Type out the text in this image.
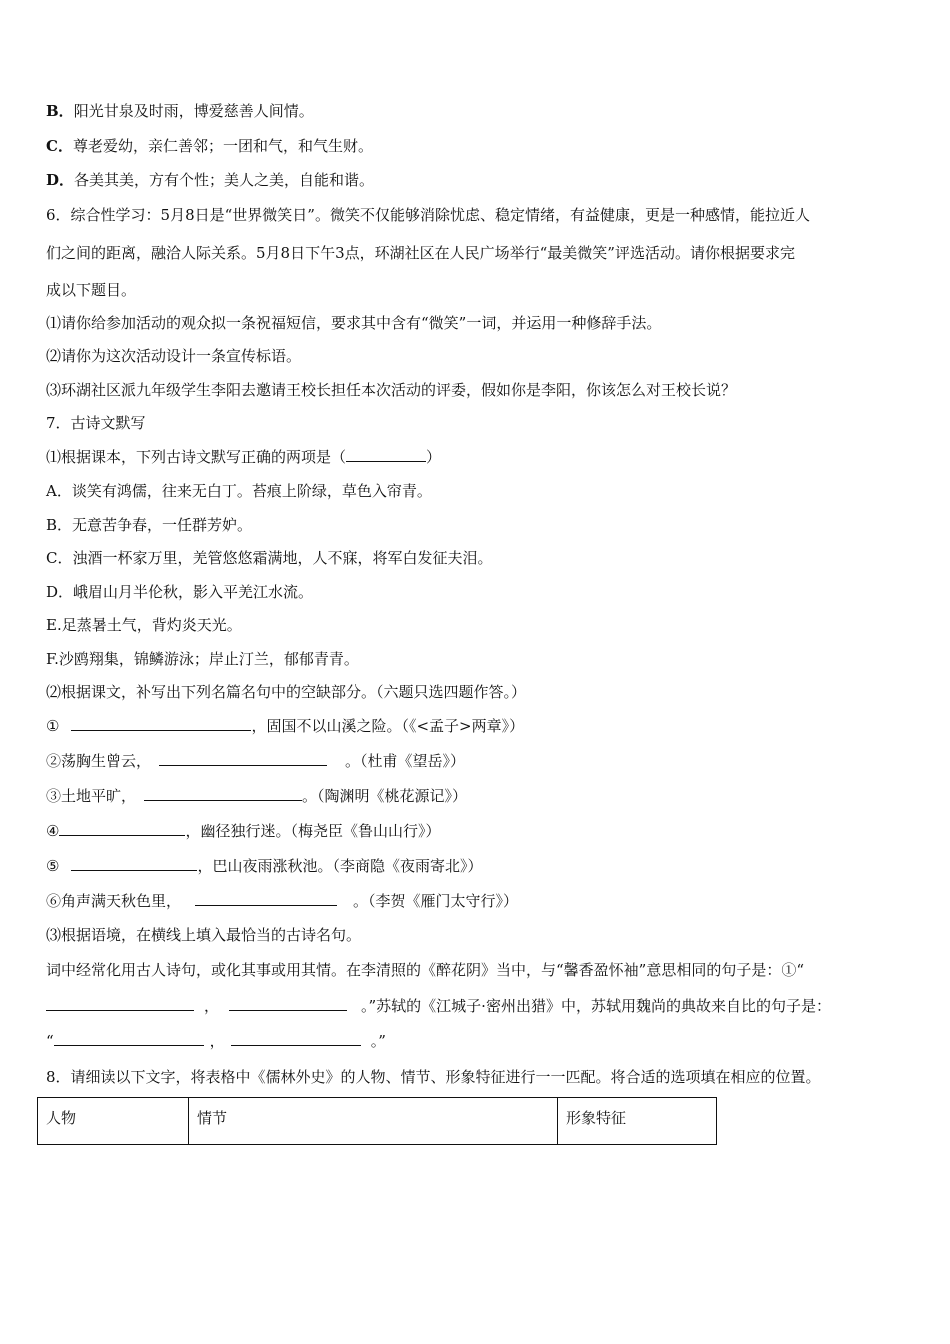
B．阳光甘泉及时雨，博爱慈善人间情。

C．尊老爱幼，亲仁善邻；一团和气，和气生财。

D．各美其美，方有个性；美人之美，自能和谐。

6．综合性学习：5月8日是“世界微笑日”。微笑不仅能够消除忧虑、稳定情绪，有益健康，更是一种感情，能拉近人

们之间的距离，融洽人际关系。5月8日下午3点，环湖社区在人民广场举行“最美微笑”评选活动。请你根据要求完

成以下题目。

⑴请你给参加活动的观众拟一条祝福短信，要求其中含有“微笑”一词，并运用一种修辞手法。

⑵请你为这次活动设计一条宣传标语。

⑶环湖社区派九年级学生李阳去邀请王校长担任本次活动的评委，假如你是李阳，你该怎么对王校长说？

7．古诗文默写

⑴根据课本，下列古诗文默写正确的两项是（	）

A．谈笑有鸿儒，往来无白丁。苔痕上阶绿，草色入帘青。

B．无意苦争春，一任群芳妒。

C．浊酒一杯家万里，羌管悠悠霜满地，人不寐，将军白发征夫泪。

D．峨眉山月半伦秋，影入平羌江水流。

E.足蒸暑土气，背灼炎天光。

F.沙鸥翔集，锦鳞游泳；岸止汀兰，郁郁青青。

⑵根据课文，补写出下列名篇名句中的空缺部分。（六题只选四题作答。）

①	，固国不以山溪之险。（《<孟子>两章》）

②荡胸生曾云，	。（杜甫《望岳》）

③土地平旷，	。（陶渊明《桃花源记》）

④	，幽径独行迷。（梅尧臣《鲁山山行》）

⑤	，巴山夜雨涨秋池。（李商隐《夜雨寄北》）

⑥角声满天秋色里，	。（李贺《雁门太守行》）

⑶根据语境，在横线上填入最恰当的古诗名句。

词中经常化用古人诗句，或化其事或用其情。在李清照的《醉花阴》当中，与“馨香盈怀袖”意思相同的句子是：①“

，	。”苏轼的《江城子·密州出猎》中，苏轼用魏尚的典故来自比的句子是：

“	，	。”

8．请细读以下文字，将表格中《儒林外史》的人物、情节、形象特征进行一一匹配。将合适的选项填在相应的位置。

人物	情节	形象特征
